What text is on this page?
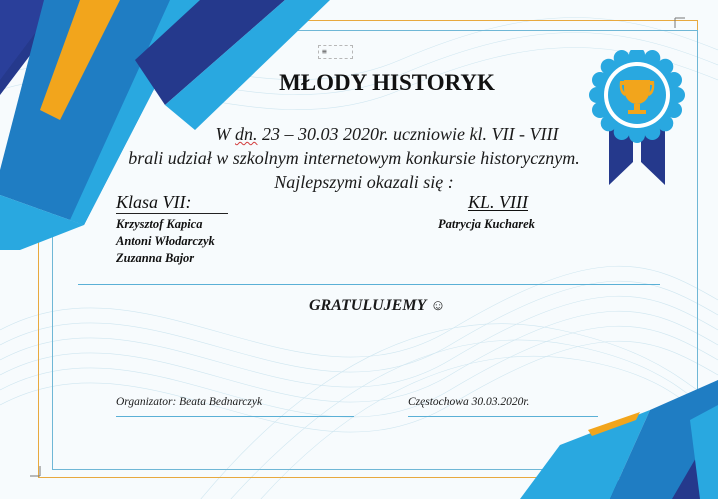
≡
MŁODY HISTORYK
W dn. 23 – 30.03 2020r. uczniowie kl. VII - VIII
brali udział w szkolnym internetowym konkursie historycznym.
Najlepszymi okazali się :
Klasa VII:	KL. VIII
Krzysztof Kapica
Antoni Włodarczyk
Zuzanna Bajor
Patrycja Kucharek
GRATULUJEMY ☺
Organizator: Beata Bednarczyk	Częstochowa 30.03.2020r.
